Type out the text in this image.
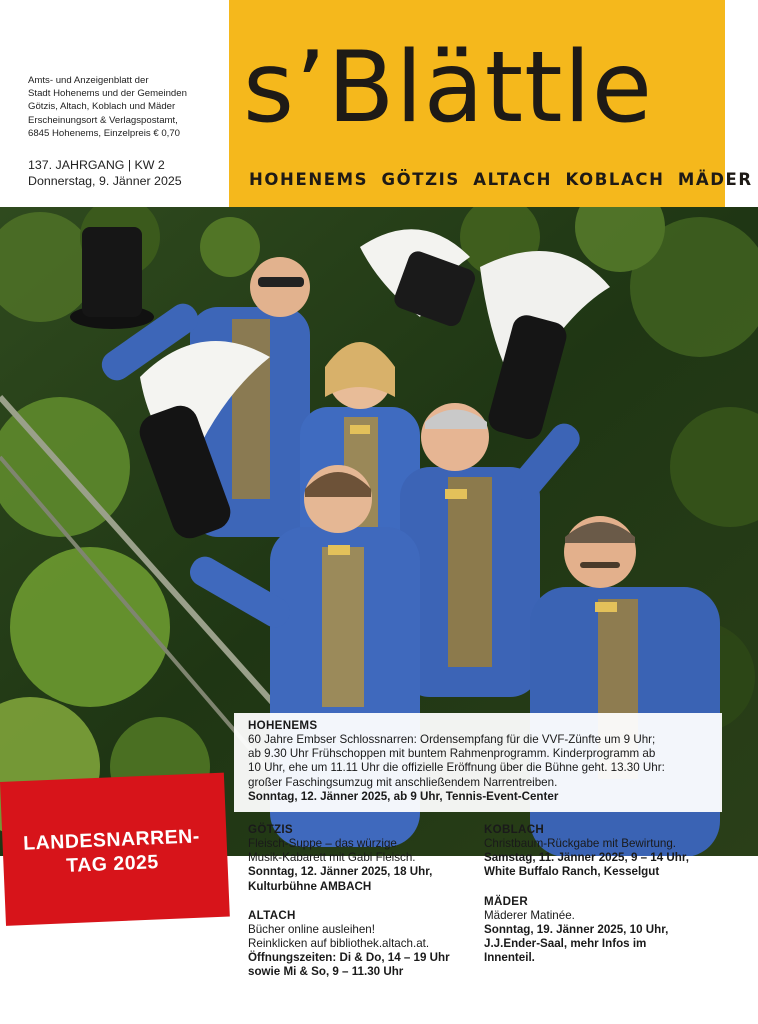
Amts- und Anzeigenblatt der
Stadt Hohenems und der Gemeinden
Götzis, Altach, Koblach und Mäder
Erscheinungsort & Verlagspostamt,
6845 Hohenems, Einzelpreis € 0,70
137. JAHRGANG | KW 2
Donnerstag, 9. Jänner 2025
s’Blättle
HOHENEMS GÖTZIS ALTACH KOBLACH MÄDER
HOHENEMS
60 Jahre Embser Schlossnarren: Ordensempfang für die VVF-Zünfte um 9 Uhr;
ab 9.30 Uhr Frühschoppen mit buntem Rahmenprogramm. Kinderprogramm ab
10 Uhr, ehe um 11.11 Uhr die offizielle Eröffnung über die Bühne geht. 13.30 Uhr:
großer Faschingsumzug mit anschließendem Narrentreiben.
Sonntag, 12. Jänner 2025, ab 9 Uhr, Tennis-Event-Center
GÖTZIS
Fleisch-Suppe – das würzige
Musik-Kabarett mit Gabi Fleisch.
Sonntag, 12. Jänner 2025, 18 Uhr,
Kulturbühne AMBACH
ALTACH
Bücher online ausleihen!
Reinklicken auf bibliothek.altach.at.
Öffnungszeiten: Di & Do, 14 – 19 Uhr
sowie Mi & So, 9 – 11.30 Uhr
KOBLACH
Christbaum-Rückgabe mit Bewirtung.
Samstag, 11. Jänner 2025, 9 – 14 Uhr,
White Buffalo Ranch, Kesselgut
MÄDER
Mäderer Matinée.
Sonntag, 19. Jänner 2025, 10 Uhr,
J.J.Ender-Saal, mehr Infos im
Innenteil.
LANDESNARREN-
TAG 2025
